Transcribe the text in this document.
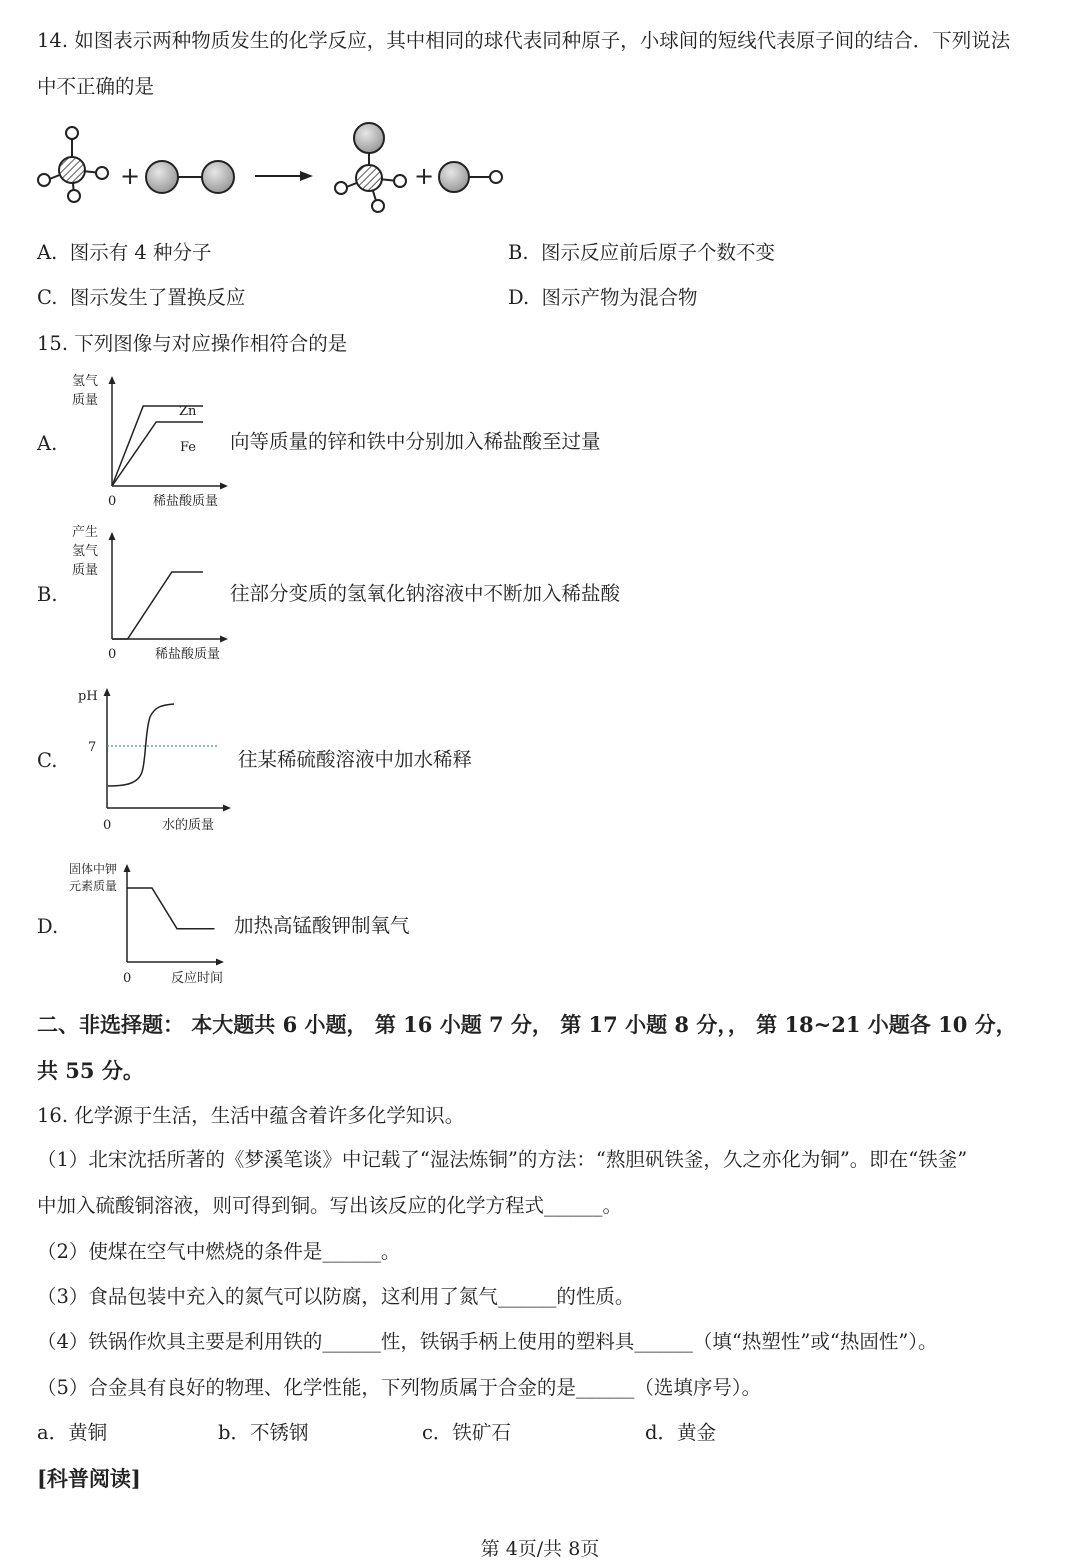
14. 如图表示两种物质发生的化学反应，其中相同的球代表同种原子，小球间的短线代表原子间的结合．下列说法
中不正确的是
+	+
A. 图示有 4 种分子	B. 图示反应前后原子个数不变
C. 图示发生了置换反应	D. 图示产物为混合物
15. 下列图像与对应操作相符合的是
A.
氢气
质量
Zn
Fe
0	稀盐酸质量
向等质量的锌和铁中分别加入稀盐酸至过量
B.
产生
氢气
质量
0	稀盐酸质量
往部分变质的氢氧化钠溶液中不断加入稀盐酸
C.
pH
7
0	水的质量
往某稀硫酸溶液中加水稀释
D.
固体中钾
元素质量
0	反应时间
加热高锰酸钾制氧气
二、非选择题： 本大题共 6 小题， 第 16 小题 7 分， 第 17 小题 8 分，， 第 18~21 小题各 10 分，
共 55 分。
16. 化学源于生活，生活中蕴含着许多化学知识。
（1）北宋沈括所著的《梦溪笔谈》中记载了“湿法炼铜”的方法：“熬胆矾铁釜，久之亦化为铜”。即在“铁釜”
中加入硫酸铜溶液，则可得到铜。写出该反应的化学方程式______。
（2）使煤在空气中燃烧的条件是______。
（3）食品包装中充入的氮气可以防腐，这利用了氮气______的性质。
（4）铁锅作炊具主要是利用铁的______性，铁锅手柄上使用的塑料具______（填“热塑性”或“热固性”）。
（5）合金具有良好的物理、化学性能，下列物质属于合金的是______（选填序号）。
a．黄铜	b．不锈钢	c．铁矿石	d．黄金
[科普阅读]
第 4页/共 8页
